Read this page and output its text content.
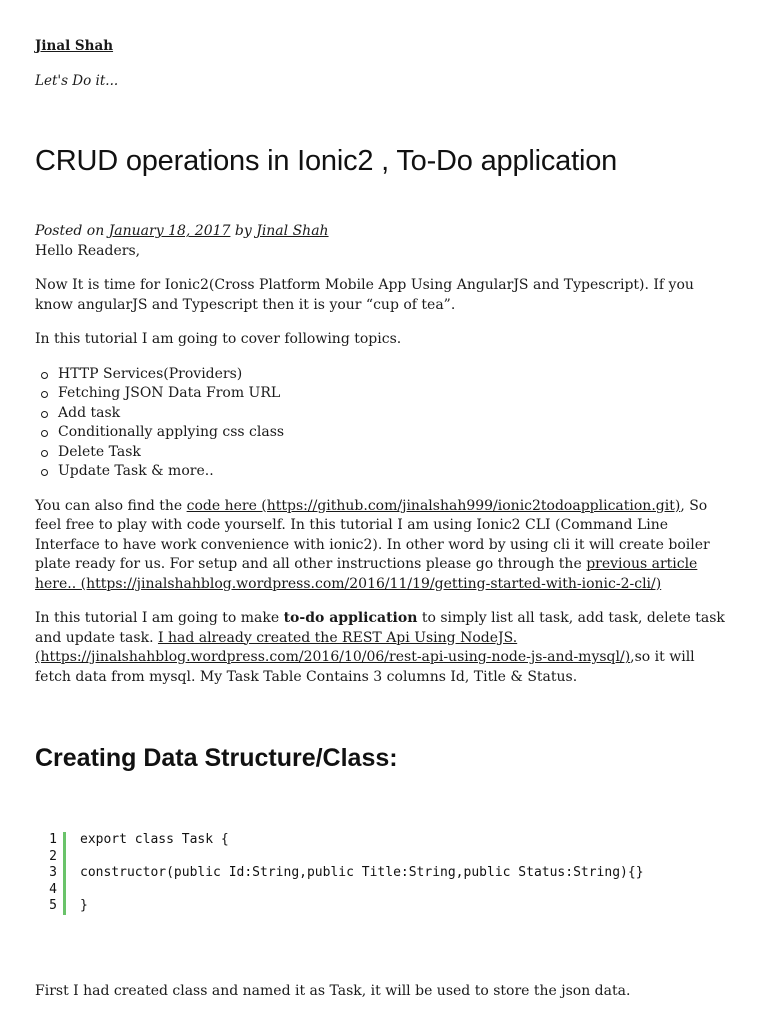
Jinal Shah
Let's Do it...
CRUD operations in Ionic2 , To-Do application
Posted on January 18, 2017 by Jinal Shah

Hello Readers,

Now It is time for Ionic2(Cross Platform Mobile App Using AngularJS and Typescript). If you know angularJS and Typescript then it is your “cup of tea”.

In this tutorial I am going to cover following topics.

HTTP Services(Providers)
Fetching JSON Data From URL
Add task
Conditionally applying css class
Delete Task
Update Task & more..

You can also find the code here (https://github.com/jinalshah999/ionic2todoapplication.git), So feel free to play with code yourself. In this tutorial I am using Ionic2 CLI (Command Line Interface to have work convenience with ionic2). In other word by using cli it will create boiler plate ready for us. For setup and all other instructions please go through the previous article here.. (https://jinalshahblog.wordpress.com/2016/11/19/getting-started-with-ionic-2-cli/)

In this tutorial I am going to make to-do application to simply list all task, add task, delete task and update task. I had already created the REST Api Using NodeJS. (https://jinalshahblog.wordpress.com/2016/10/06/rest-api-using-node-js-and-mysql/),so it will fetch data from mysql. My Task Table Contains 3 columns Id, Title & Status.

Creating Data Structure/Class:
1	export class Task {
2
3	constructor(public Id:String,public Title:String,public Status:String){}
4
5	}

First I had created class and named it as Task, it will be used to store the json data.
